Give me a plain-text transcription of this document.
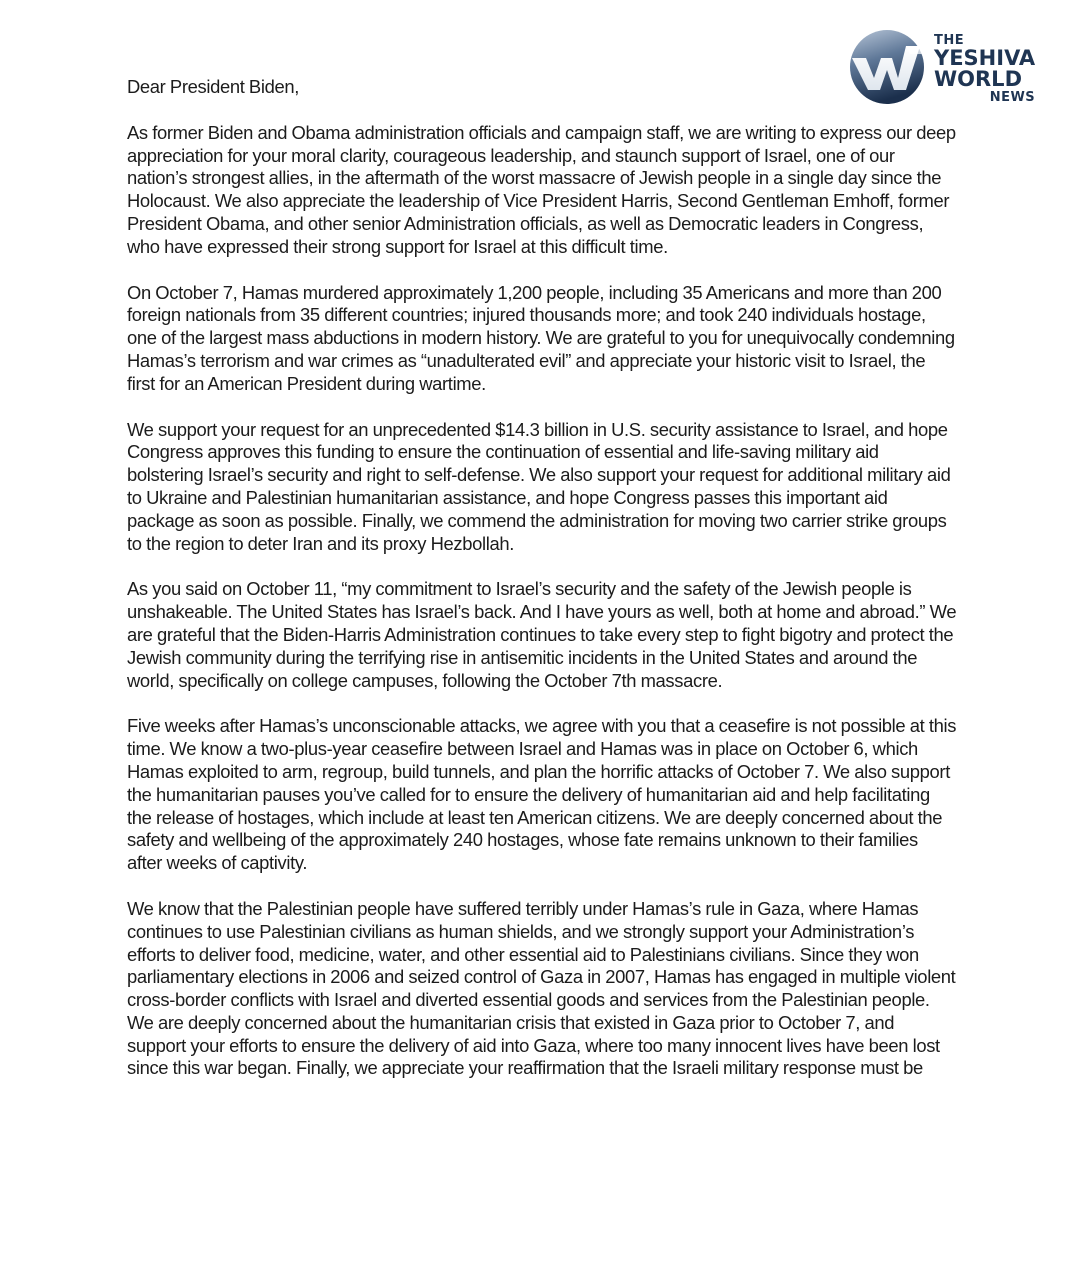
THE
YESHIVA
WORLD
NEWS

Dear President Biden,

As former Biden and Obama administration officials and campaign staff, we are writing to express our deep appreciation for your moral clarity, courageous leadership, and staunch support of Israel, one of our nation’s strongest allies, in the aftermath of the worst massacre of Jewish people in a single day since the Holocaust. We also appreciate the leadership of Vice President Harris, Second Gentleman Emhoff, former President Obama, and other senior Administration officials, as well as Democratic leaders in Congress, who have expressed their strong support for Israel at this difficult time.

On October 7, Hamas murdered approximately 1,200 people, including 35 Americans and more than 200 foreign nationals from 35 different countries; injured thousands more; and took 240 individuals hostage, one of the largest mass abductions in modern history. We are grateful to you for unequivocally condemning Hamas’s terrorism and war crimes as “unadulterated evil” and appreciate your historic visit to Israel, the first for an American President during wartime.

We support your request for an unprecedented $14.3 billion in U.S. security assistance to Israel, and hope Congress approves this funding to ensure the continuation of essential and life-saving military aid bolstering Israel’s security and right to self-defense. We also support your request for additional military aid to Ukraine and Palestinian humanitarian assistance, and hope Congress passes this important aid package as soon as possible. Finally, we commend the administration for moving two carrier strike groups to the region to deter Iran and its proxy Hezbollah.

As you said on October 11, “my commitment to Israel’s security and the safety of the Jewish people is unshakeable. The United States has Israel’s back. And I have yours as well, both at home and abroad.” We are grateful that the Biden-Harris Administration continues to take every step to fight bigotry and protect the Jewish community during the terrifying rise in antisemitic incidents in the United States and around the world, specifically on college campuses, following the October 7th massacre.

Five weeks after Hamas’s unconscionable attacks, we agree with you that a ceasefire is not possible at this time. We know a two-plus-year ceasefire between Israel and Hamas was in place on October 6, which Hamas exploited to arm, regroup, build tunnels, and plan the horrific attacks of October 7. We also support the humanitarian pauses you’ve called for to ensure the delivery of humanitarian aid and help facilitating the release of hostages, which include at least ten American citizens. We are deeply concerned about the safety and wellbeing of the approximately 240 hostages, whose fate remains unknown to their families after weeks of captivity.

We know that the Palestinian people have suffered terribly under Hamas’s rule in Gaza, where Hamas continues to use Palestinian civilians as human shields, and we strongly support your Administration’s efforts to deliver food, medicine, water, and other essential aid to Palestinians civilians. Since they won parliamentary elections in 2006 and seized control of Gaza in 2007, Hamas has engaged in multiple violent cross-border conflicts with Israel and diverted essential goods and services from the Palestinian people. We are deeply concerned about the humanitarian crisis that existed in Gaza prior to October 7, and support your efforts to ensure the delivery of aid into Gaza, where too many innocent lives have been lost since this war began. Finally, we appreciate your reaffirmation that the Israeli military response must be
